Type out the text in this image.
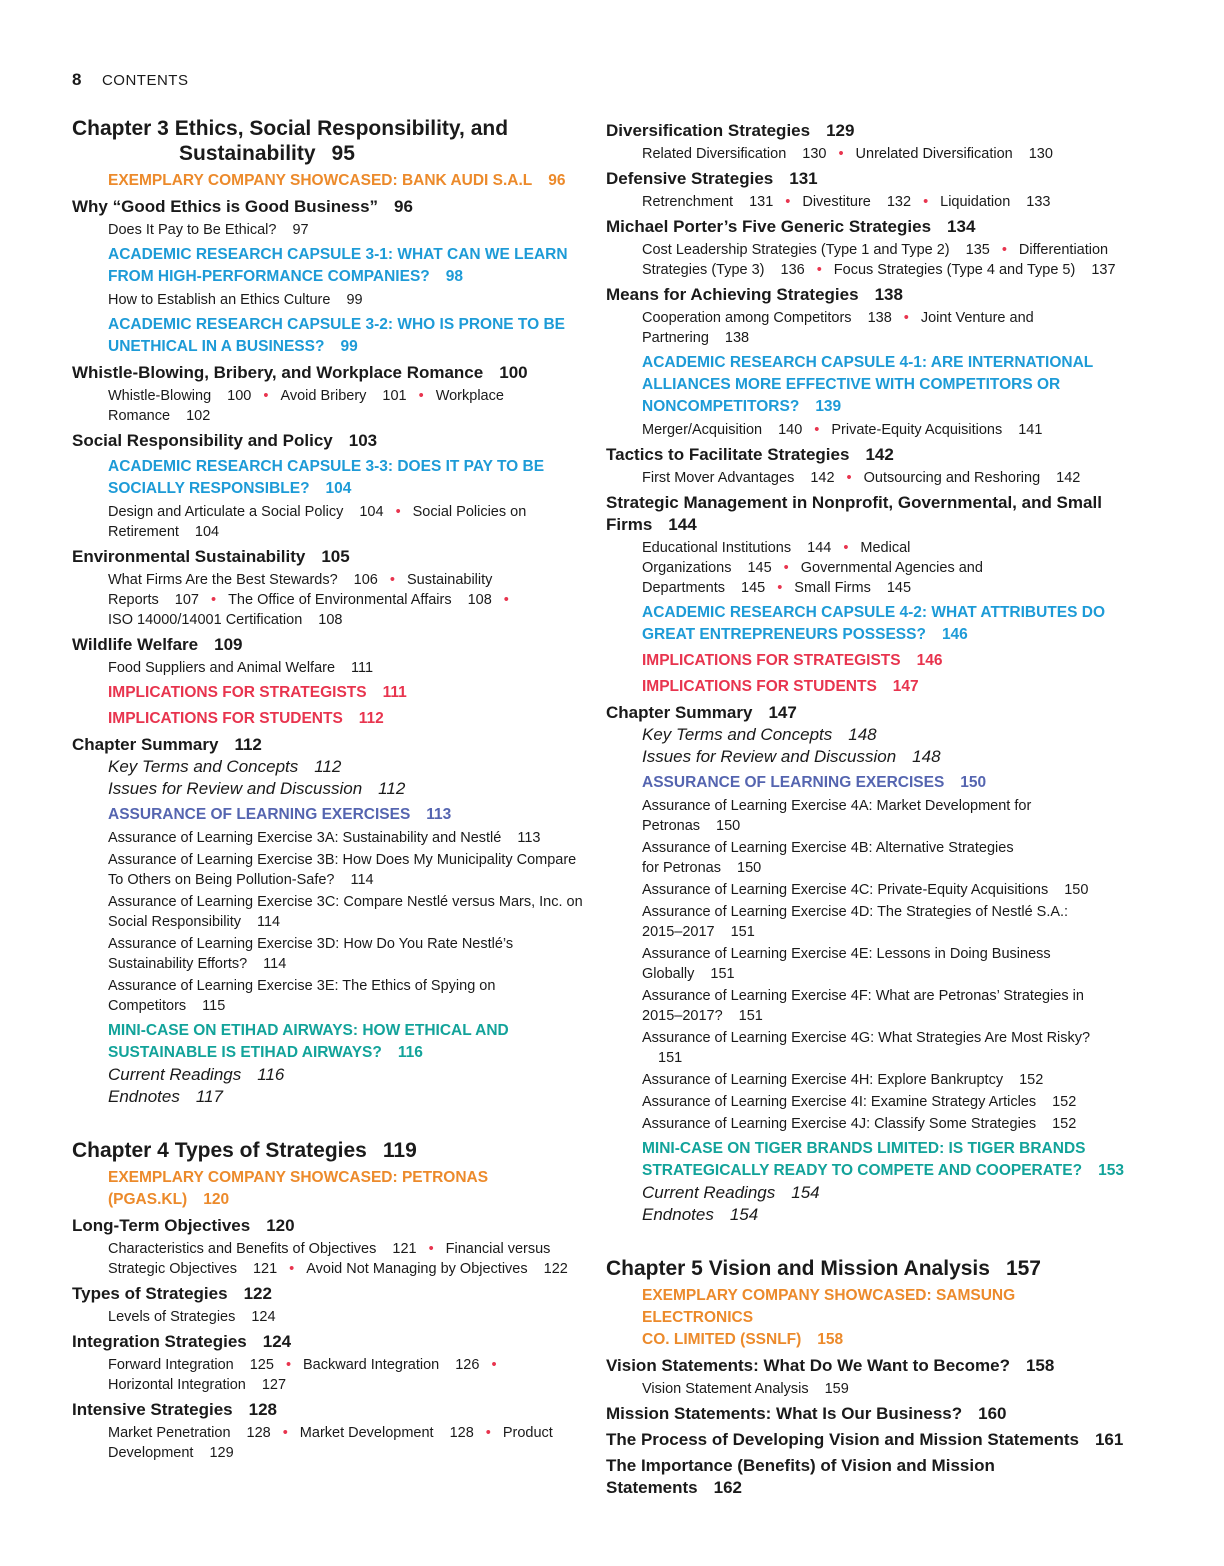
8 CONTENTS
Chapter 3 Ethics, Social Responsibility, and
Sustainability 95
EXEMPLARY COMPANY SHOWCASED: BANK AUDI S.A.L 96
Why “Good Ethics is Good Business” 96
Does It Pay to Be Ethical? 97
ACADEMIC RESEARCH CAPSULE 3-1: WHAT CAN WE LEARN
FROM HIGH-PERFORMANCE COMPANIES? 98
How to Establish an Ethics Culture 99
ACADEMIC RESEARCH CAPSULE 3-2: WHO IS PRONE TO BE
UNETHICAL IN A BUSINESS? 99
Whistle-Blowing, Bribery, and Workplace Romance 100
Whistle-Blowing 100 • Avoid Bribery 101 • Workplace
Romance 102
Social Responsibility and Policy 103
ACADEMIC RESEARCH CAPSULE 3-3: DOES IT PAY TO BE
SOCIALLY RESPONSIBLE? 104
Design and Articulate a Social Policy 104 • Social Policies on
Retirement 104
Environmental Sustainability 105
What Firms Are the Best Stewards? 106 • Sustainability
Reports 107 • The Office of Environmental Affairs 108 •
ISO 14000/14001 Certification 108
Wildlife Welfare 109
Food Suppliers and Animal Welfare 111
IMPLICATIONS FOR STRATEGISTS 111
IMPLICATIONS FOR STUDENTS 112
Chapter Summary 112
Key Terms and Concepts 112
Issues for Review and Discussion 112
ASSURANCE OF LEARNING EXERCISES 113
Assurance of Learning Exercise 3A: Sustainability and Nestlé 113
Assurance of Learning Exercise 3B: How Does My Municipality Compare
To Others on Being Pollution-Safe? 114
Assurance of Learning Exercise 3C: Compare Nestlé versus Mars, Inc. on
Social Responsibility 114
Assurance of Learning Exercise 3D: How Do You Rate Nestlé’s
Sustainability Efforts? 114
Assurance of Learning Exercise 3E: The Ethics of Spying on
Competitors 115
MINI-CASE ON ETIHAD AIRWAYS: HOW ETHICAL AND
SUSTAINABLE IS ETIHAD AIRWAYS? 116
Current Readings 116
Endnotes 117
Chapter 4 Types of Strategies 119
EXEMPLARY COMPANY SHOWCASED: PETRONAS
(PGAS.KL) 120
Long-Term Objectives 120
Characteristics and Benefits of Objectives 121 • Financial versus
Strategic Objectives 121 • Avoid Not Managing by Objectives 122
Types of Strategies 122
Levels of Strategies 124
Integration Strategies 124
Forward Integration 125 • Backward Integration 126 •
Horizontal Integration 127
Intensive Strategies 128
Market Penetration 128 • Market Development 128 • Product
Development 129
Diversification Strategies 129
Related Diversification 130 • Unrelated Diversification 130
Defensive Strategies 131
Retrenchment 131 • Divestiture 132 • Liquidation 133
Michael Porter’s Five Generic Strategies 134
Cost Leadership Strategies (Type 1 and Type 2) 135 • Differentiation
Strategies (Type 3) 136 • Focus Strategies (Type 4 and Type 5) 137
Means for Achieving Strategies 138
Cooperation among Competitors 138 • Joint Venture and
Partnering 138
ACADEMIC RESEARCH CAPSULE 4-1: ARE INTERNATIONAL
ALLIANCES MORE EFFECTIVE WITH COMPETITORS OR
NONCOMPETITORS? 139
Merger/Acquisition 140 • Private-Equity Acquisitions 141
Tactics to Facilitate Strategies 142
First Mover Advantages 142 • Outsourcing and Reshoring 142
Strategic Management in Nonprofit, Governmental, and Small
Firms 144
Educational Institutions 144 • Medical
Organizations 145 • Governmental Agencies and
Departments 145 • Small Firms 145
ACADEMIC RESEARCH CAPSULE 4-2: WHAT ATTRIBUTES DO
GREAT ENTREPRENEURS POSSESS? 146
IMPLICATIONS FOR STRATEGISTS 146
IMPLICATIONS FOR STUDENTS 147
Chapter Summary 147
Key Terms and Concepts 148
Issues for Review and Discussion 148
ASSURANCE OF LEARNING EXERCISES 150
Assurance of Learning Exercise 4A: Market Development for
Petronas 150
Assurance of Learning Exercise 4B: Alternative Strategies
for Petronas 150
Assurance of Learning Exercise 4C: Private-Equity Acquisitions 150
Assurance of Learning Exercise 4D: The Strategies of Nestlé S.A.:
2015–2017 151
Assurance of Learning Exercise 4E: Lessons in Doing Business
Globally 151
Assurance of Learning Exercise 4F: What are Petronas’ Strategies in
2015–2017? 151
Assurance of Learning Exercise 4G: What Strategies Are Most Risky?151
Assurance of Learning Exercise 4H: Explore Bankruptcy 152
Assurance of Learning Exercise 4I: Examine Strategy Articles 152
Assurance of Learning Exercise 4J: Classify Some Strategies 152
MINI-CASE ON TIGER BRANDS LIMITED: IS TIGER BRANDS
STRATEGICALLY READY TO COMPETE AND COOPERATE? 153
Current Readings 154
Endnotes 154
Chapter 5 Vision and Mission Analysis 157
EXEMPLARY COMPANY SHOWCASED: SAMSUNG ELECTRONICS
CO. LIMITED (SSNLF) 158
Vision Statements: What Do We Want to Become? 158
Vision Statement Analysis 159
Mission Statements: What Is Our Business? 160
The Process of Developing Vision and Mission Statements 161
The Importance (Benefits) of Vision and Mission
Statements 162
